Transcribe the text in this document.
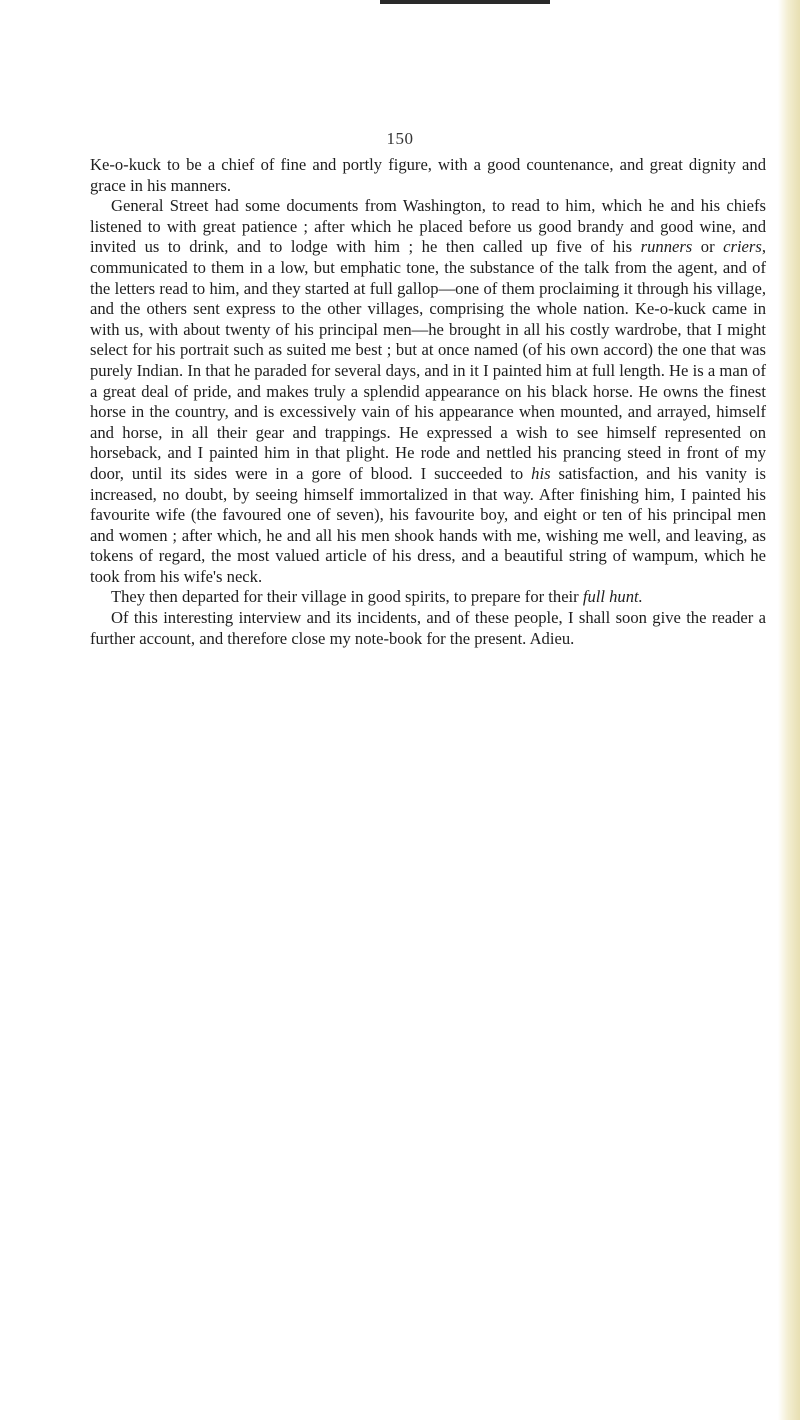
150

Ke-o-kuck to be a chief of fine and portly figure, with a good countenance, and great dignity and grace in his manners.

General Street had some documents from Washington, to read to him, which he and his chiefs listened to with great patience ; after which he placed before us good brandy and good wine, and invited us to drink, and to lodge with him ; he then called up five of his runners or criers, communicated to them in a low, but emphatic tone, the substance of the talk from the agent, and of the letters read to him, and they started at full gallop—one of them proclaiming it through his village, and the others sent express to the other villages, comprising the whole nation. Ke-o-kuck came in with us, with about twenty of his principal men—he brought in all his costly wardrobe, that I might select for his portrait such as suited me best ; but at once named (of his own accord) the one that was purely Indian. In that he paraded for several days, and in it I painted him at full length. He is a man of a great deal of pride, and makes truly a splendid appearance on his black horse. He owns the finest horse in the country, and is excessively vain of his appearance when mounted, and arrayed, himself and horse, in all their gear and trappings. He expressed a wish to see himself represented on horseback, and I painted him in that plight. He rode and nettled his prancing steed in front of my door, until its sides were in a gore of blood. I succeeded to his satisfaction, and his vanity is increased, no doubt, by seeing himself immortalized in that way. After finishing him, I painted his favourite wife (the favoured one of seven), his favourite boy, and eight or ten of his principal men and women ; after which, he and all his men shook hands with me, wishing me well, and leaving, as tokens of regard, the most valued article of his dress, and a beautiful string of wampum, which he took from his wife's neck.

They then departed for their village in good spirits, to prepare for their full hunt.

Of this interesting interview and its incidents, and of these people, I shall soon give the reader a further account, and therefore close my note-book for the present. Adieu.
